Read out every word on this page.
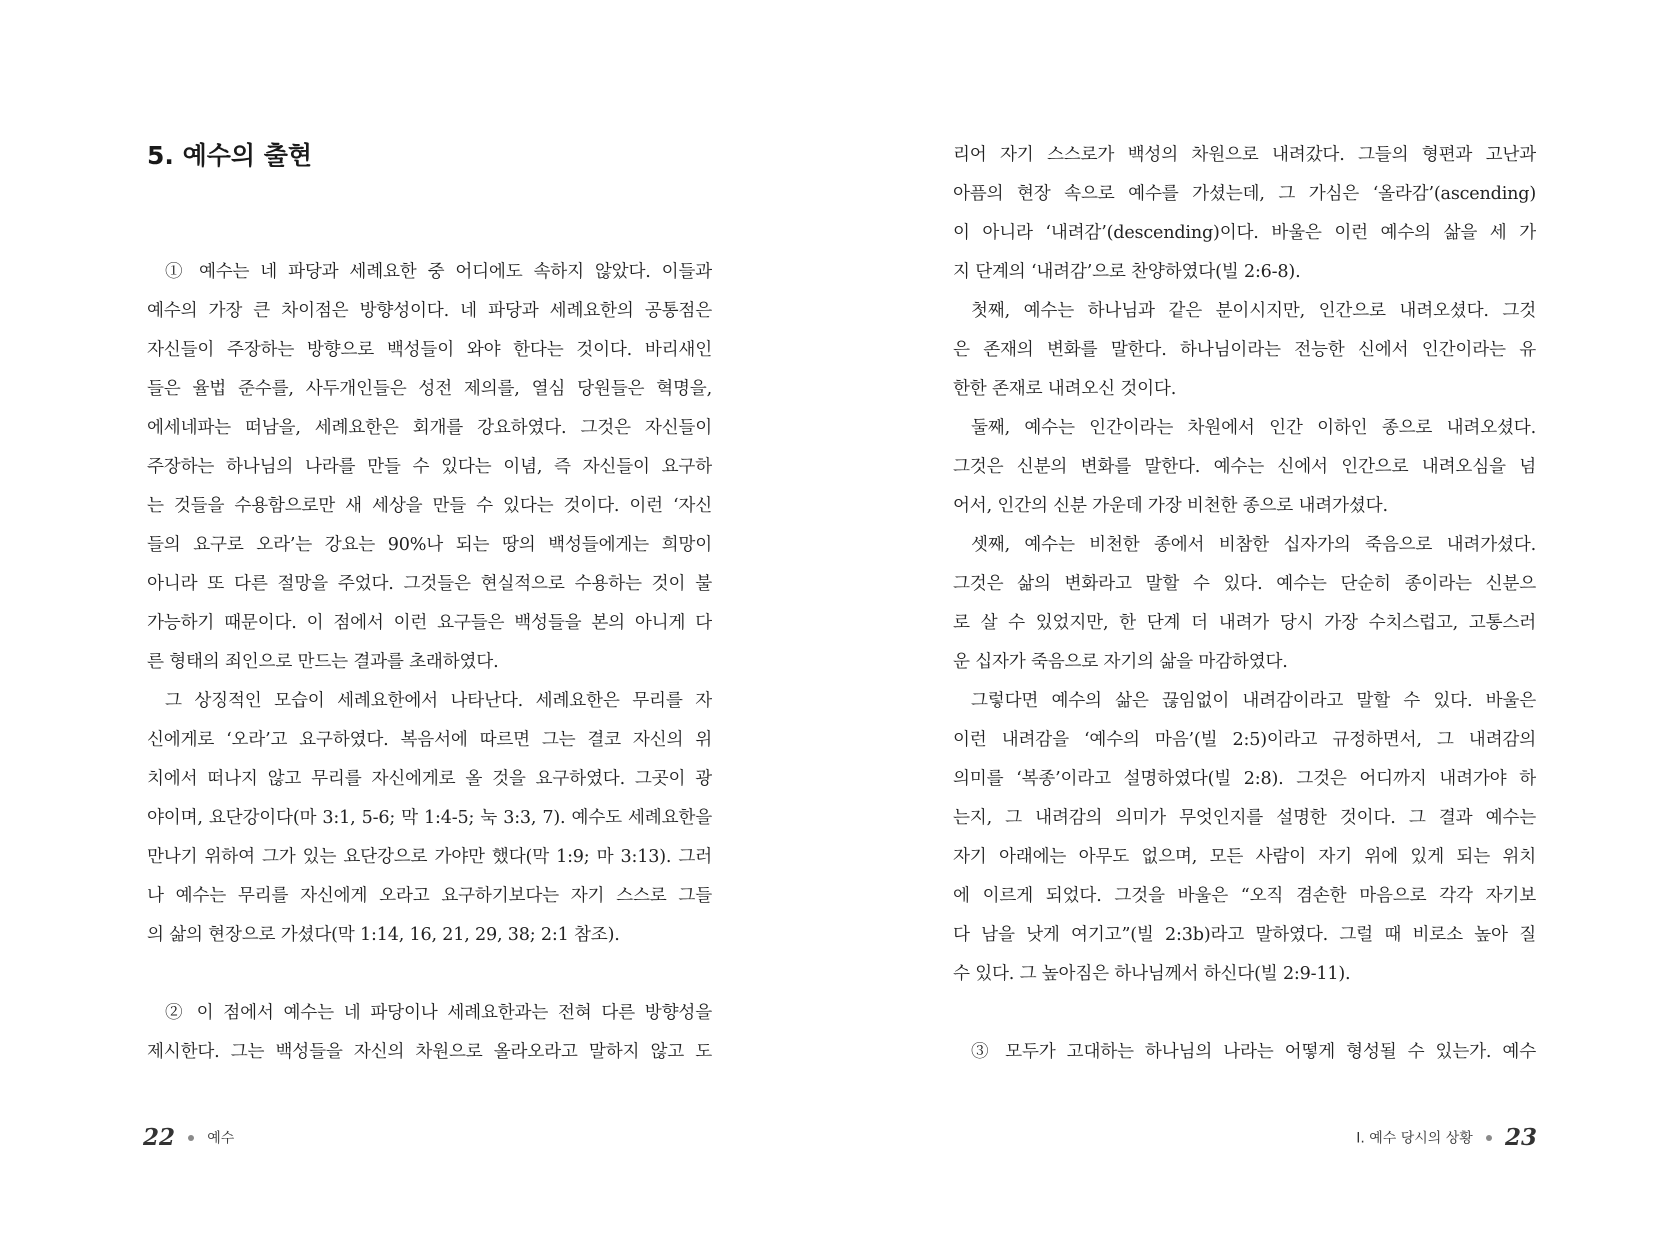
5. 예수의 출현
① 예수는 네 파당과 세례요한 중 어디에도 속하지 않았다. 이들과
예수의 가장 큰 차이점은 방향성이다. 네 파당과 세례요한의 공통점은
자신들이 주장하는 방향으로 백성들이 와야 한다는 것이다. 바리새인
들은 율법 준수를, 사두개인들은 성전 제의를, 열심 당원들은 혁명을,
에세네파는 떠남을, 세례요한은 회개를 강요하였다. 그것은 자신들이
주장하는 하나님의 나라를 만들 수 있다는 이념, 즉 자신들이 요구하
는 것들을 수용함으로만 새 세상을 만들 수 있다는 것이다. 이런 ‘자신
들의 요구로 오라’는 강요는 90%나 되는 땅의 백성들에게는 희망이
아니라 또 다른 절망을 주었다. 그것들은 현실적으로 수용하는 것이 불
가능하기 때문이다. 이 점에서 이런 요구들은 백성들을 본의 아니게 다
른 형태의 죄인으로 만드는 결과를 초래하였다.
그 상징적인 모습이 세례요한에서 나타난다. 세례요한은 무리를 자
신에게로 ‘오라’고 요구하였다. 복음서에 따르면 그는 결코 자신의 위
치에서 떠나지 않고 무리를 자신에게로 올 것을 요구하였다. 그곳이 광
야이며, 요단강이다(마 3:1, 5-6; 막 1:4-5; 눅 3:3, 7). 예수도 세례요한을
만나기 위하여 그가 있는 요단강으로 가야만 했다(막 1:9; 마 3:13). 그러
나 예수는 무리를 자신에게 오라고 요구하기보다는 자기 스스로 그들
의 삶의 현장으로 가셨다(막 1:14, 16, 21, 29, 38; 2:1 참조).
② 이 점에서 예수는 네 파당이나 세례요한과는 전혀 다른 방향성을
제시한다. 그는 백성들을 자신의 차원으로 올라오라고 말하지 않고 도
22 예수
리어 자기 스스로가 백성의 차원으로 내려갔다. 그들의 형편과 고난과
아픔의 현장 속으로 예수를 가셨는데, 그 가심은 ‘올라감’(ascending)
이 아니라 ‘내려감’(descending)이다. 바울은 이런 예수의 삶을 세 가
지 단계의 ‘내려감’으로 찬양하였다(빌 2:6-8).
첫째, 예수는 하나님과 같은 분이시지만, 인간으로 내려오셨다. 그것
은 존재의 변화를 말한다. 하나님이라는 전능한 신에서 인간이라는 유
한한 존재로 내려오신 것이다.
둘째, 예수는 인간이라는 차원에서 인간 이하인 종으로 내려오셨다.
그것은 신분의 변화를 말한다. 예수는 신에서 인간으로 내려오심을 넘
어서, 인간의 신분 가운데 가장 비천한 종으로 내려가셨다.
셋째, 예수는 비천한 종에서 비참한 십자가의 죽음으로 내려가셨다.
그것은 삶의 변화라고 말할 수 있다. 예수는 단순히 종이라는 신분으
로 살 수 있었지만, 한 단계 더 내려가 당시 가장 수치스럽고, 고통스러
운 십자가 죽음으로 자기의 삶을 마감하였다.
그렇다면 예수의 삶은 끊임없이 내려감이라고 말할 수 있다. 바울은
이런 내려감을 ‘예수의 마음’(빌 2:5)이라고 규정하면서, 그 내려감의
의미를 ‘복종’이라고 설명하였다(빌 2:8). 그것은 어디까지 내려가야 하
는지, 그 내려감의 의미가 무엇인지를 설명한 것이다. 그 결과 예수는
자기 아래에는 아무도 없으며, 모든 사람이 자기 위에 있게 되는 위치
에 이르게 되었다. 그것을 바울은 “오직 겸손한 마음으로 각각 자기보
다 남을 낫게 여기고”(빌 2:3b)라고 말하였다. 그럴 때 비로소 높아 질
수 있다. 그 높아짐은 하나님께서 하신다(빌 2:9-11).
③ 모두가 고대하는 하나님의 나라는 어떻게 형성될 수 있는가. 예수
I. 예수 당시의 상황 23
